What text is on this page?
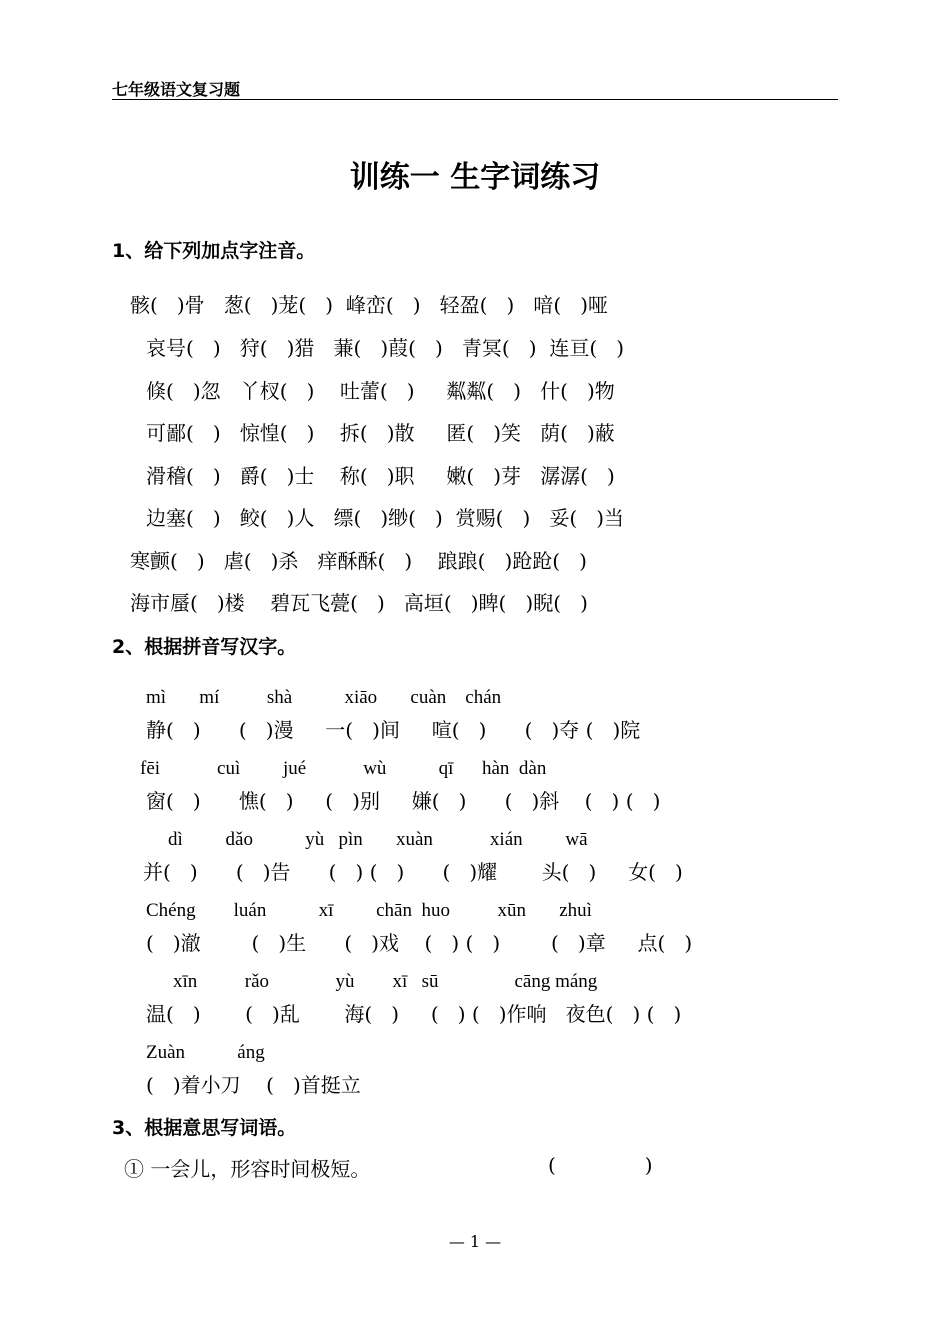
七年级语文复习题
训练一 生字词练习
1、给下列加点字注音。
骸(   )骨   葱(   )茏(   )  峰峦(   )   轻盈(   )   喑(   )哑
哀号(   )   狩(   )猎   蒹(   )葭(   )   青冥(   )  连亘(   )
倏(   )忽   丫杈(   )    吐蕾(   )     粼粼(   )   什(   )物
可鄙(   )   惊惶(   )    拆(   )散     匿(   )笑   荫(   )蔽
滑稽(   )   爵(   )士    称(   )职     嫩(   )芽   潺潺(   )
边塞(   )   鲛(   )人   缥(   )缈(   )  赏赐(   )   妥(   )当
寒颤(   )   虐(   )杀   痒酥酥(   )    踉踉(   )跄跄(   )
海市蜃(   )楼    碧瓦飞甍(   )   高垣(   )睥(   )睨(   )
2、根据拼音写汉字。
mì       mí          shà           xiāo       cuàn    chán
静(   )      (   )漫     一(   )间     喧(   )      (   )夺 (   )院
fēi            cuì         jué            wù           qī      hàn  dàn
窗(   )      憔(   )     (   )别     嫌(   )      (   )斜    (   ) (   )
dì         dǎo           yù   pìn       xuàn            xián         wā
并(   )      (   )告      (   ) (   )      (   )耀       头(   )     女(   )
Chéng        luán           xī         chān  huo          xūn       zhuì
(   )澈        (   )生      (   )戏    (   ) (   )        (   )章     点(   )
xīn          rǎo              yù        xī   sū                cāng máng
温(   )       (   )乱       海(   )     (   ) (   )作响   夜色(   ) (   )
Zuàn           áng
(   )着小刀    (   )首挺立
3、根据意思写词语。
① 一会儿，形容时间极短。	(              )
— 1 —
